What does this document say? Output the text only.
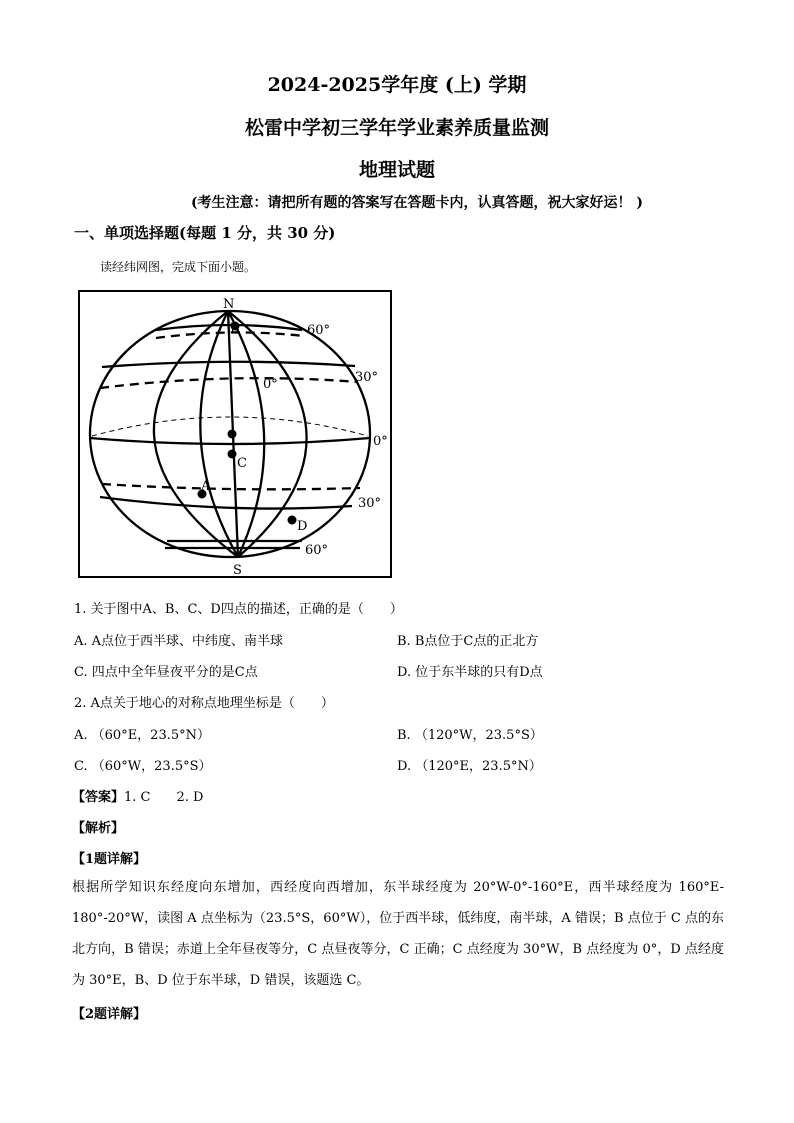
2024-2025学年度 (上) 学期
松雷中学初三学年学业素养质量监测
地理试题
(考生注意：请把所有题的答案写在答题卡内，认真答题，祝大家好运！ )
一、单项选择题(每题 1 分，共 30 分)
读经纬网图，完成下面小题。
N
S
B
C
A
D
60°
30°
0°
0°
30°
60°
1. 关于图中A、B、C、D四点的描述，正确的是（　　）
A. A点位于西半球、中纬度、南半球	B. B点位于C点的正北方
C. 四点中全年昼夜平分的是C点	D. 位于东半球的只有D点
2. A点关于地心的对称点地理坐标是（　　）
A. （60°E，23.5°N）	B. （120°W，23.5°S）
C. （60°W，23.5°S）	D. （120°E，23.5°N）
【答案】1. C　　2. D
【解析】
【1题详解】
根据所学知识东经度向东增加，西经度向西增加，东半球经度为 20°W-0°-160°E，西半球经度为 160°E-180°-20°W，读图 A 点坐标为（23.5°S，60°W），位于西半球，低纬度，南半球，A 错误；B 点位于 C 点的东北方向，B 错误；赤道上全年昼夜等分，C 点昼夜等分，C 正确；C 点经度为 30°W，B 点经度为 0°，D 点经度为 30°E，B、D 位于东半球，D 错误，该题选 C。
【2题详解】
